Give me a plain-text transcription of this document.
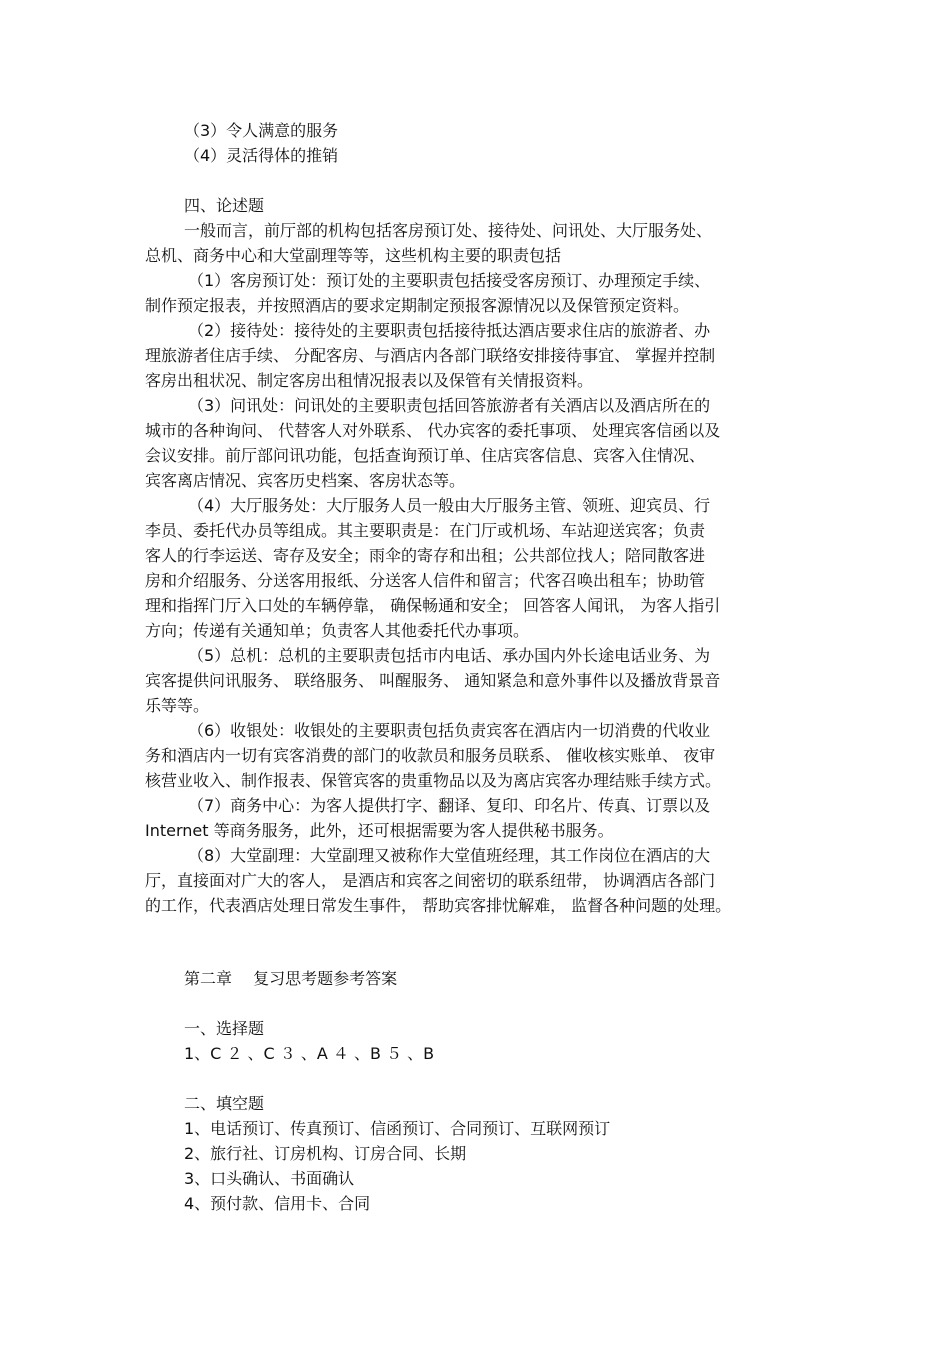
（3）令人满意的服务

（4）灵活得体的推销

四、论述题

一般而言，前厅部的机构包括客房预订处、接待处、问讯处、大厅服务处、

总机、商务中心和大堂副理等等，这些机构主要的职责包括

（1）客房预订处：预订处的主要职责包括接受客房预订、办理预定手续、

制作预定报表，并按照酒店的要求定期制定预报客源情况以及保管预定资料。

（2）接待处：接待处的主要职责包括接待抵达酒店要求住店的旅游者、办

理旅游者住店手续、 分配客房、与酒店内各部门联络安排接待事宜、 掌握并控制

客房出租状况、制定客房出租情况报表以及保管有关情报资料。

（3）问讯处：问讯处的主要职责包括回答旅游者有关酒店以及酒店所在的

城市的各种询问、 代替客人对外联系、 代办宾客的委托事项、 处理宾客信函以及

会议安排。前厅部问讯功能，包括查询预订单、住店宾客信息、宾客入住情况、

宾客离店情况、宾客历史档案、客房状态等。

（4）大厅服务处：大厅服务人员一般由大厅服务主管、领班、迎宾员、行

李员、委托代办员等组成。其主要职责是：在门厅或机场、车站迎送宾客；负责

客人的行李运送、寄存及安全；雨伞的寄存和出租；公共部位找人；陪同散客进

房和介绍服务、分送客用报纸、分送客人信件和留言；代客召唤出租车；协助管

理和指挥门厅入口处的车辆停靠， 确保畅通和安全； 回答客人闻讯， 为客人指引

方向；传递有关通知单；负责客人其他委托代办事项。

（5）总机：总机的主要职责包括市内电话、承办国内外长途电话业务、为

宾客提供问讯服务、 联络服务、 叫醒服务、 通知紧急和意外事件以及播放背景音

乐等等。

（6）收银处：收银处的主要职责包括负责宾客在酒店内一切消费的代收业

务和酒店内一切有宾客消费的部门的收款员和服务员联系、 催收核实账单、 夜审

核营业收入、制作报表、保管宾客的贵重物品以及为离店宾客办理结账手续方式。

（7）商务中心：为客人提供打字、翻译、复印、印名片、传真、订票以及

Internet 等商务服务，此外，还可根据需要为客人提供秘书服务。

（8）大堂副理：大堂副理又被称作大堂值班经理，其工作岗位在酒店的大

厅，直接面对广大的客人， 是酒店和宾客之间密切的联系纽带， 协调酒店各部门

的工作，代表酒店处理日常发生事件， 帮助宾客排忧解难， 监督各种问题的处理。

第二章　 复习思考题参考答案

一、选择题

1、C ２ 、C ３ 、A ４ 、B ５ 、B

二、填空题

1、电话预订、传真预订、信函预订、合同预订、互联网预订

2、旅行社、订房机构、订房合同、长期

3、口头确认、书面确认

4、预付款、信用卡、合同
